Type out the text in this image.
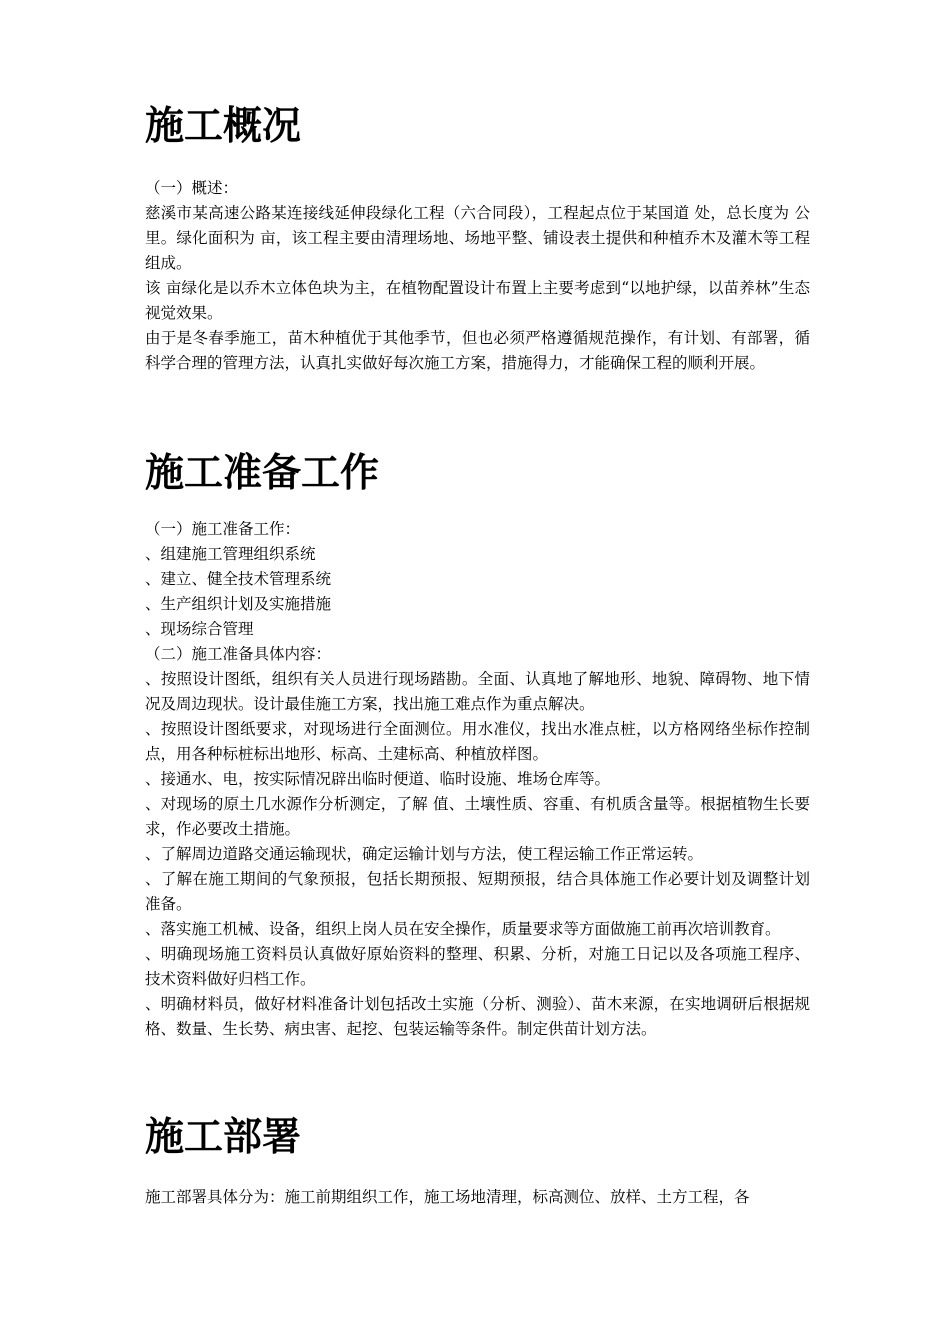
施工概况

（一）概述：

慈溪市某高速公路某连接线延伸段绿化工程（六合同段），工程起点位于某国道 处，总长度为 公里。绿化面积为 亩，该工程主要由清理场地、场地平整、铺设表土提供和种植乔木及灌木等工程组成。

该 亩绿化是以乔木立体色块为主，在植物配置设计布置上主要考虑到“以地护绿，以苗养林”生态视觉效果。

由于是冬春季施工，苗木种植优于其他季节，但也必须严格遵循规范操作，有计划、有部署，循科学合理的管理方法，认真扎实做好每次施工方案，措施得力，才能确保工程的顺利开展。

施工准备工作

（一）施工准备工作：

、组建施工管理组织系统

、建立、健全技术管理系统

、生产组织计划及实施措施

、现场综合管理

（二）施工准备具体内容：

、按照设计图纸，组织有关人员进行现场踏勘。全面、认真地了解地形、地貌、障碍物、地下情况及周边现状。设计最佳施工方案，找出施工难点作为重点解决。

、按照设计图纸要求，对现场进行全面测位。用水准仪，找出水准点桩，以方格网络坐标作控制点，用各种标桩标出地形、标高、土建标高、种植放样图。

、接通水、电，按实际情况辟出临时便道、临时设施、堆场仓库等。

、对现场的原土几水源作分析测定，了解 值、土壤性质、容重、有机质含量等。根据植物生长要求，作必要改土措施。

、了解周边道路交通运输现状，确定运输计划与方法，使工程运输工作正常运转。

、了解在施工期间的气象预报，包括长期预报、短期预报，结合具体施工作必要计划及调整计划准备。

、落实施工机械、设备，组织上岗人员在安全操作，质量要求等方面做施工前再次培训教育。

、明确现场施工资料员认真做好原始资料的整理、积累、分析，对施工日记以及各项施工程序、技术资料做好归档工作。

、明确材料员，做好材料准备计划包括改土实施（分析、测验）、苗木来源，在实地调研后根据规格、数量、生长势、病虫害、起挖、包装运输等条件。制定供苗计划方法。

施工部署

施工部署具体分为：施工前期组织工作，施工场地清理，标高测位、放样、土方工程，各
